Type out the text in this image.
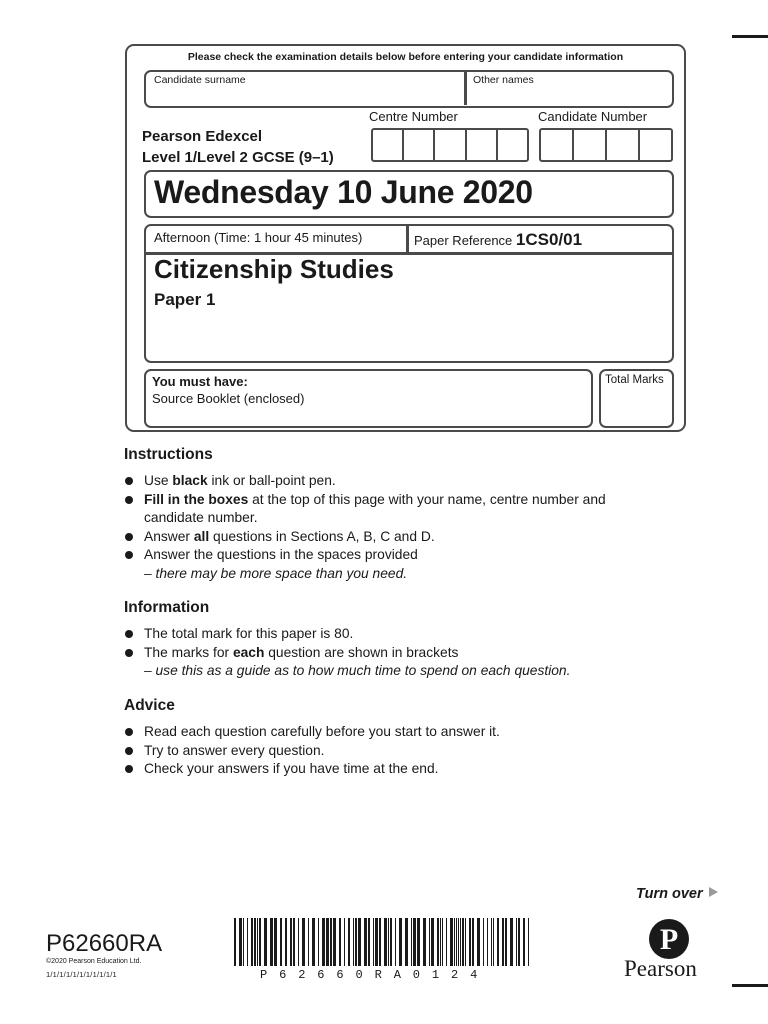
Please check the examination details below before entering your candidate information
Candidate surname	Other names
Pearson Edexcel
Level 1/Level 2 GCSE (9–1)
Centre Number	Candidate Number
Wednesday 10 June 2020
Afternoon (Time: 1 hour 45 minutes)	Paper Reference 1CS0/01
Citizenship Studies
Paper 1
You must have:
Source Booklet (enclosed)
Total Marks
Instructions
Use black ink or ball-point pen.
Fill in the boxes at the top of this page with your name, centre number and candidate number.
Answer all questions in Sections A, B, C and D.
Answer the questions in the spaces provided
– there may be more space than you need.
Information
The total mark for this paper is 80.
The marks for each question are shown in brackets
– use this as a guide as to how much time to spend on each question.
Advice
Read each question carefully before you start to answer it.
Try to answer every question.
Check your answers if you have time at the end.
Turn over
P62660RA
©2020 Pearson Education Ltd.
1/1/1/1/1/1/1/1/1/1/1	P62660RA0124
P
Pearson
